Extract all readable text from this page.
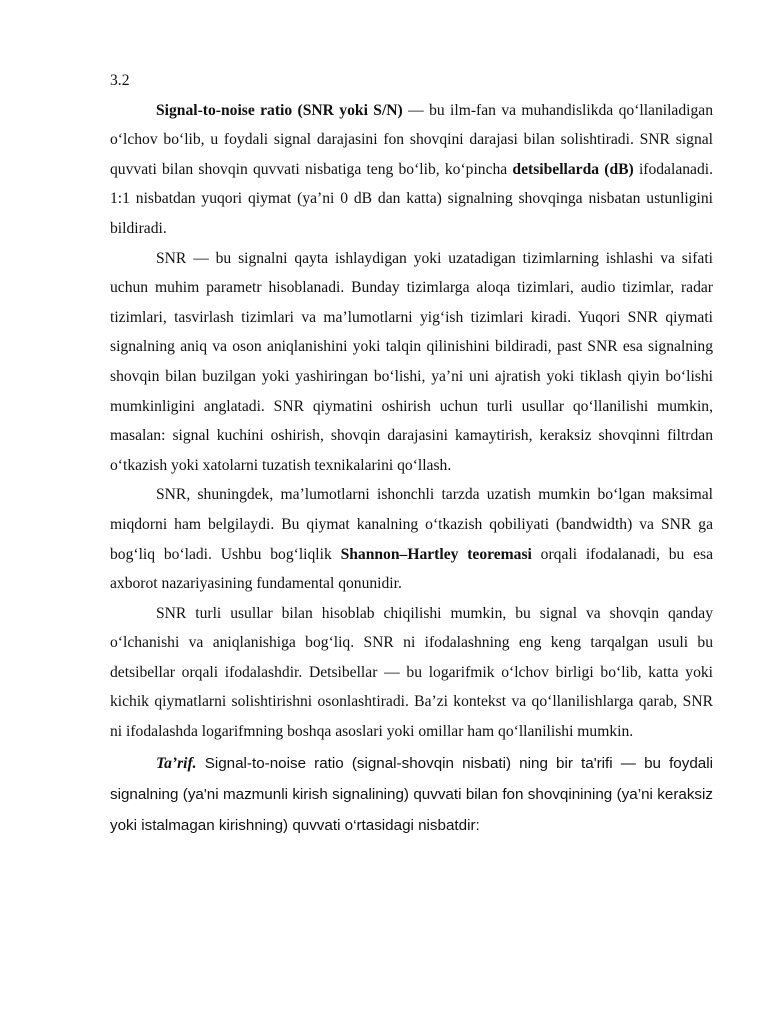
3.2

Signal-to-noise ratio (SNR yoki S/N) — bu ilm-fan va muhandislikda qo‘llaniladigan o‘lchov bo‘lib, u foydali signal darajasini fon shovqini darajasi bilan solishtiradi. SNR signal quvvati bilan shovqin quvvati nisbatiga teng bo‘lib, ko‘pincha detsibellarda (dB) ifodalanadi. 1:1 nisbatdan yuqori qiymat (ya’ni 0 dB dan katta) signalning shovqinga nisbatan ustunligini bildiradi.

SNR — bu signalni qayta ishlaydigan yoki uzatadigan tizimlarning ishlashi va sifati uchun muhim parametr hisoblanadi. Bunday tizimlarga aloqa tizimlari, audio tizimlar, radar tizimlari, tasvirlash tizimlari va ma’lumotlarni yig‘ish tizimlari kiradi. Yuqori SNR qiymati signalning aniq va oson aniqlanishini yoki talqin qilinishini bildiradi, past SNR esa signalning shovqin bilan buzilgan yoki yashiringan bo‘lishi, ya’ni uni ajratish yoki tiklash qiyin bo‘lishi mumkinligini anglatadi. SNR qiymatini oshirish uchun turli usullar qo‘llanilishi mumkin, masalan: signal kuchini oshirish, shovqin darajasini kamaytirish, keraksiz shovqinni filtrdan o‘tkazish yoki xatolarni tuzatish texnikalarini qo‘llash.

SNR, shuningdek, ma’lumotlarni ishonchli tarzda uzatish mumkin bo‘lgan maksimal miqdorni ham belgilaydi. Bu qiymat kanalning o‘tkazish qobiliyati (bandwidth) va SNR ga bog‘liq bo‘ladi. Ushbu bog‘liqlik Shannon–Hartley teoremasi orqali ifodalanadi, bu esa axborot nazariyasining fundamental qonunidir.

SNR turli usullar bilan hisoblab chiqilishi mumkin, bu signal va shovqin qanday o‘lchanishi va aniqlanishiga bog‘liq. SNR ni ifodalashning eng keng tarqalgan usuli bu detsibellar orqali ifodalashdir. Detsibellar — bu logarifmik o‘lchov birligi bo‘lib, katta yoki kichik qiymatlarni solishtirishni osonlashtiradi. Ba’zi kontekst va qo‘llanilishlarga qarab, SNR ni ifodalashda logarifmning boshqa asoslari yoki omillar ham qo‘llanilishi mumkin.

Ta’rif. Signal-to-noise ratio (signal-shovqin nisbati) ning bir ta'rifi — bu foydali signalning (ya'ni mazmunli kirish signalining) quvvati bilan fon shovqinining (ya’ni keraksiz yoki istalmagan kirishning) quvvati o‘rtasidagi nisbatdir:
